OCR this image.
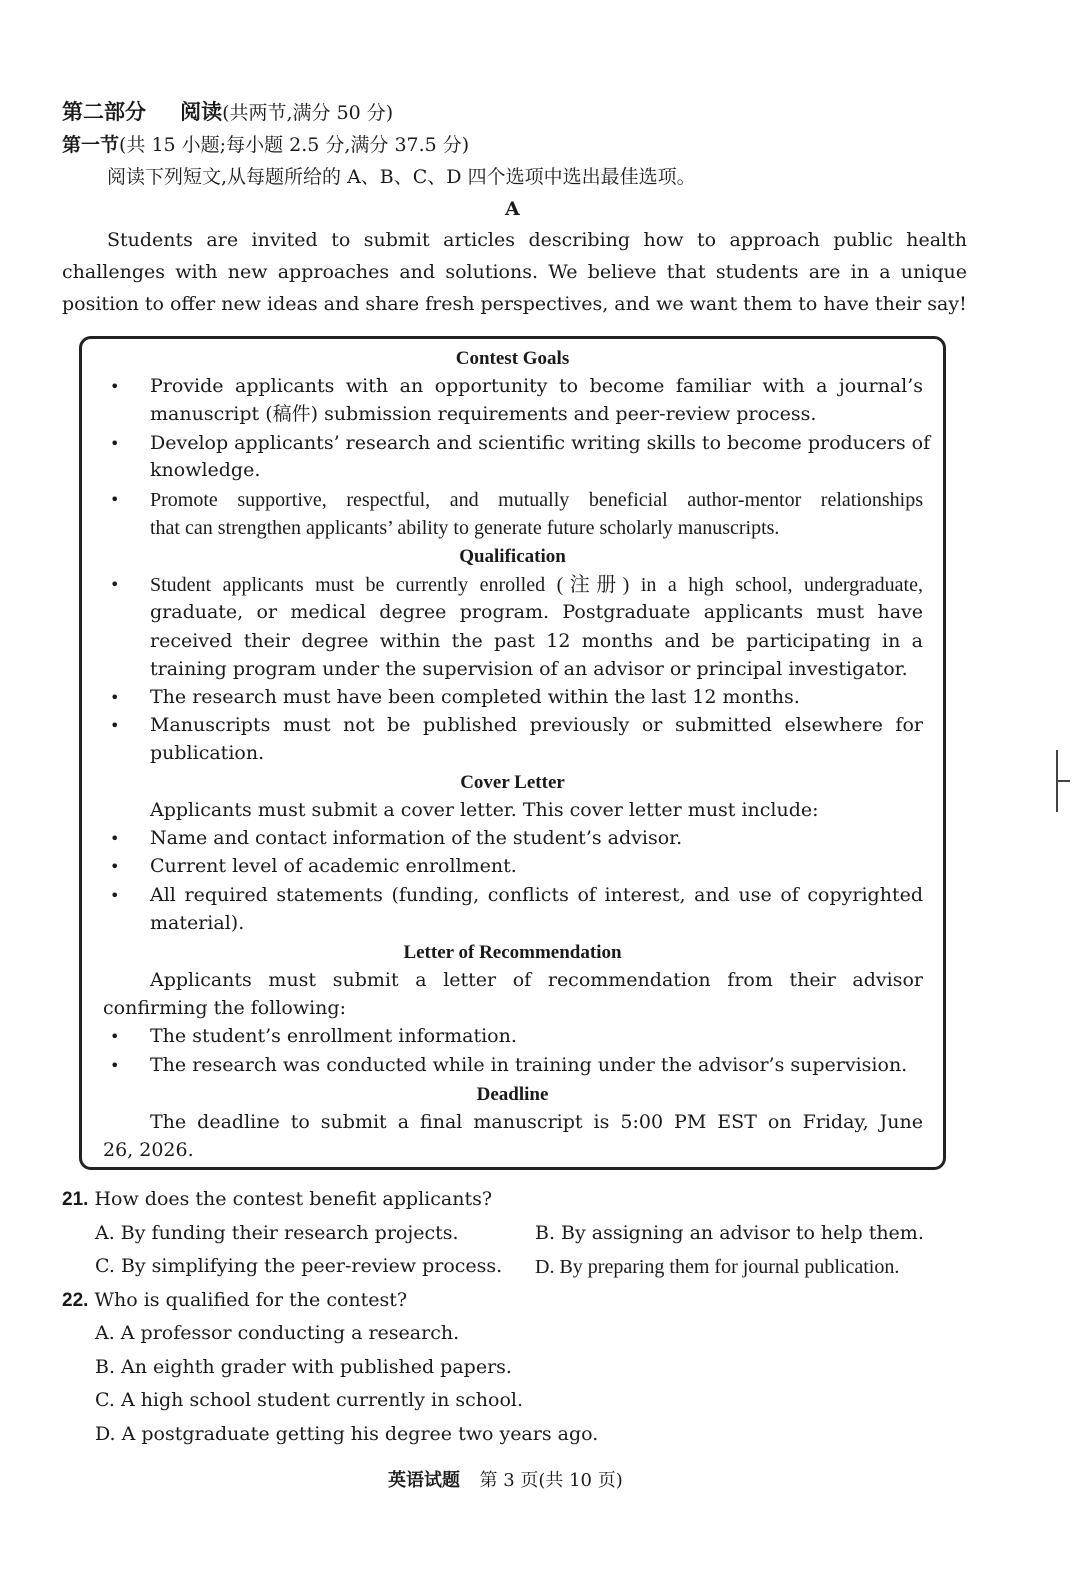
第二部分 阅读(共两节,满分 50 分)
第一节(共 15 小题;每小题 2.5 分,满分 37.5 分)
阅读下列短文,从每题所给的 A、B、C、D 四个选项中选出最佳选项。
A
Students are invited to submit articles describing how to approach public health
challenges with new approaches and solutions. We believe that students are in a unique
position to offer new ideas and share fresh perspectives, and we want them to have their say!
Contest Goals
• Provide applicants with an opportunity to become familiar with a journal’s
manuscript (稿件) submission requirements and peer-review process.
• Develop applicants’ research and scientific writing skills to become producers of
knowledge.
• Promote supportive, respectful, and mutually beneficial author-mentor relationships
that can strengthen applicants’ ability to generate future scholarly manuscripts.
Qualification
• Student applicants must be currently enrolled (注册) in a high school, undergraduate,
graduate, or medical degree program. Postgraduate applicants must have
received their degree within the past 12 months and be participating in a
training program under the supervision of an advisor or principal investigator.
• The research must have been completed within the last 12 months.
• Manuscripts must not be published previously or submitted elsewhere for
publication.
Cover Letter
Applicants must submit a cover letter. This cover letter must include:
• Name and contact information of the student’s advisor.
• Current level of academic enrollment.
• All required statements (funding, conflicts of interest, and use of copyrighted
material).
Letter of Recommendation
Applicants must submit a letter of recommendation from their advisor
confirming the following:
• The student’s enrollment information.
• The research was conducted while in training under the advisor’s supervision.
Deadline
The deadline to submit a final manuscript is 5:00 PM EST on Friday, June
26, 2026.
21. How does the contest benefit applicants?
A. By funding their research projects.	B. By assigning an advisor to help them.
C. By simplifying the peer-review process. D. By preparing them for journal publication.
22. Who is qualified for the contest?
A. A professor conducting a research.
B. An eighth grader with published papers.
C. A high school student currently in school.
D. A postgraduate getting his degree two years ago.
英语试题 第 3 页(共 10 页)
